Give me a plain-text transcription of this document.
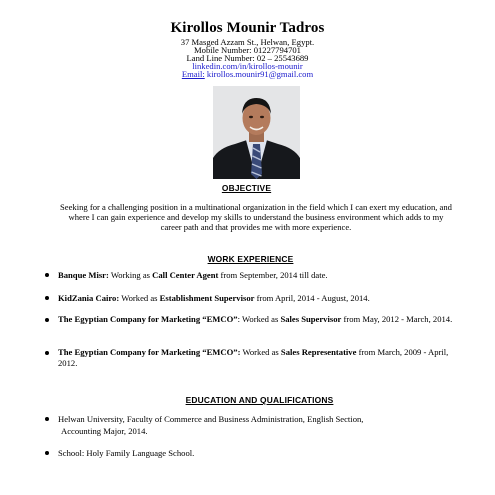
Kirollos Mounir Tadros
37 Masged Azzam St., Helwan, Egypt.
Mobile Number: 01227794701
Land Line Number: 02 – 25543689
linkedin.com/in/kirollos-mounir
Email: kirollos.mounir91@gmail.com
OBJECTIVE
Seeking for a challenging position in a multinational organization in the field which I can exert my education, and where I can gain experience and develop my skills to understand the business environment which adds to my career path and that provides me with more experience.
WORK EXPERIENCE
Banque Misr: Working as Call Center Agent from September, 2014 till date.
KidZania Cairo: Worked as Establishment Supervisor from April, 2014 - August, 2014.
The Egyptian Company for Marketing “EMCO”: Worked as Sales Supervisor from May, 2012 - March, 2014.
The Egyptian Company for Marketing “EMCO”: Worked as Sales Representative from March, 2009 - April, 2012.
EDUCATION AND QUALIFICATIONS
Helwan University, Faculty of Commerce and Business Administration, English Section,
Accounting Major, 2014.
School: Holy Family Language School.
